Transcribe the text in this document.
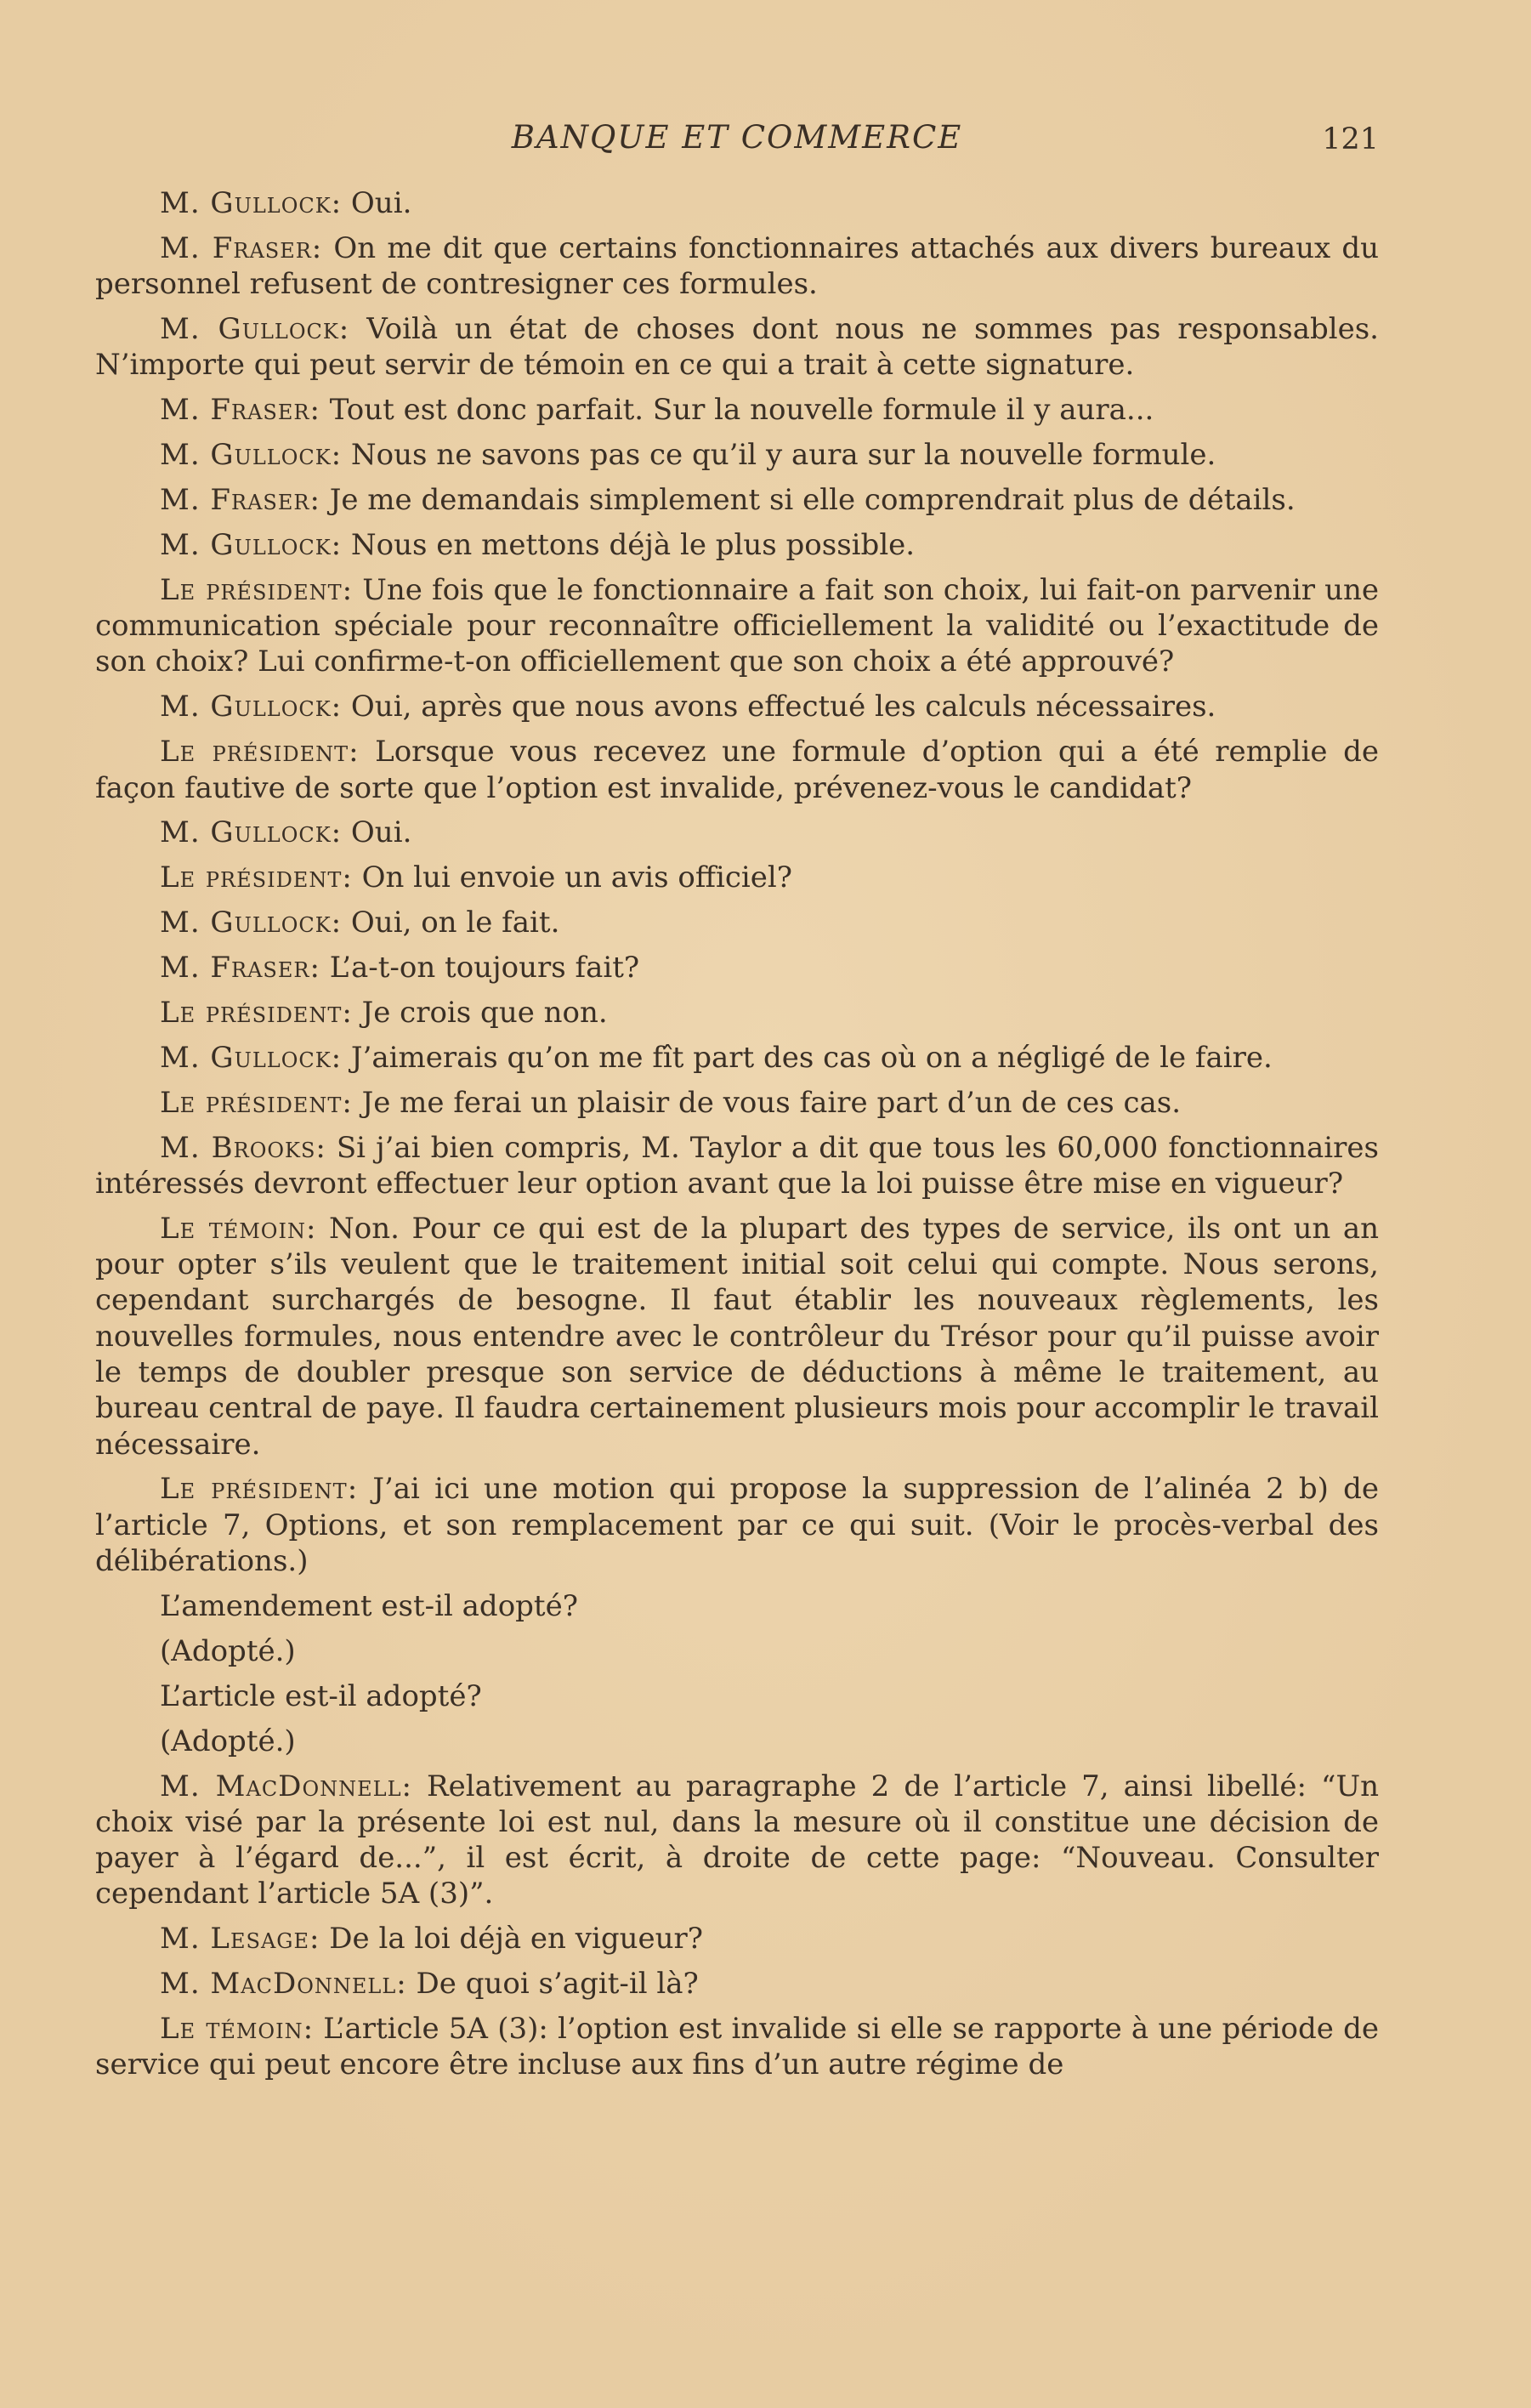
BANQUE ET COMMERCE	121

M. Gullock: Oui.

M. Fraser: On me dit que certains fonctionnaires attachés aux divers bureaux du personnel refusent de contresigner ces formules.

M. Gullock: Voilà un état de choses dont nous ne sommes pas responsables. N’importe qui peut servir de témoin en ce qui a trait à cette signature.

M. Fraser: Tout est donc parfait. Sur la nouvelle formule il y aura...

M. Gullock: Nous ne savons pas ce qu’il y aura sur la nouvelle formule.

M. Fraser: Je me demandais simplement si elle comprendrait plus de détails.

M. Gullock: Nous en mettons déjà le plus possible.

Le président: Une fois que le fonctionnaire a fait son choix, lui fait-on parvenir une communication spéciale pour reconnaître officiellement la validité ou l’exactitude de son choix? Lui confirme-t-on officiellement que son choix a été approuvé?

M. Gullock: Oui, après que nous avons effectué les calculs nécessaires.

Le président: Lorsque vous recevez une formule d’option qui a été remplie de façon fautive de sorte que l’option est invalide, prévenez-vous le candidat?

M. Gullock: Oui.

Le président: On lui envoie un avis officiel?

M. Gullock: Oui, on le fait.

M. Fraser: L’a-t-on toujours fait?

Le président: Je crois que non.

M. Gullock: J’aimerais qu’on me fît part des cas où on a négligé de le faire.

Le président: Je me ferai un plaisir de vous faire part d’un de ces cas.

M. Brooks: Si j’ai bien compris, M. Taylor a dit que tous les 60,000 fonctionnaires intéressés devront effectuer leur option avant que la loi puisse être mise en vigueur?

Le témoin: Non. Pour ce qui est de la plupart des types de service, ils ont un an pour opter s’ils veulent que le traitement initial soit celui qui compte. Nous serons, cependant surchargés de besogne. Il faut établir les nouveaux règlements, les nouvelles formules, nous entendre avec le contrôleur du Trésor pour qu’il puisse avoir le temps de doubler presque son service de déductions à même le traitement, au bureau central de paye. Il faudra certainement plusieurs mois pour accomplir le travail nécessaire.

Le président: J’ai ici une motion qui propose la suppression de l’alinéa 2 b) de l’article 7, Options, et son remplacement par ce qui suit. (Voir le procès-verbal des délibérations.)

L’amendement est-il adopté?

(Adopté.)

L’article est-il adopté?

(Adopté.)

M. MacDonnell: Relativement au paragraphe 2 de l’article 7, ainsi libellé: “Un choix visé par la présente loi est nul, dans la mesure où il constitue une décision de payer à l’égard de...”, il est écrit, à droite de cette page: “Nouveau. Consulter cependant l’article 5A (3)”.

M. Lesage: De la loi déjà en vigueur?

M. MacDonnell: De quoi s’agit-il là?

Le témoin: L’article 5A (3): l’option est invalide si elle se rapporte à une période de service qui peut encore être incluse aux fins d’un autre régime de
